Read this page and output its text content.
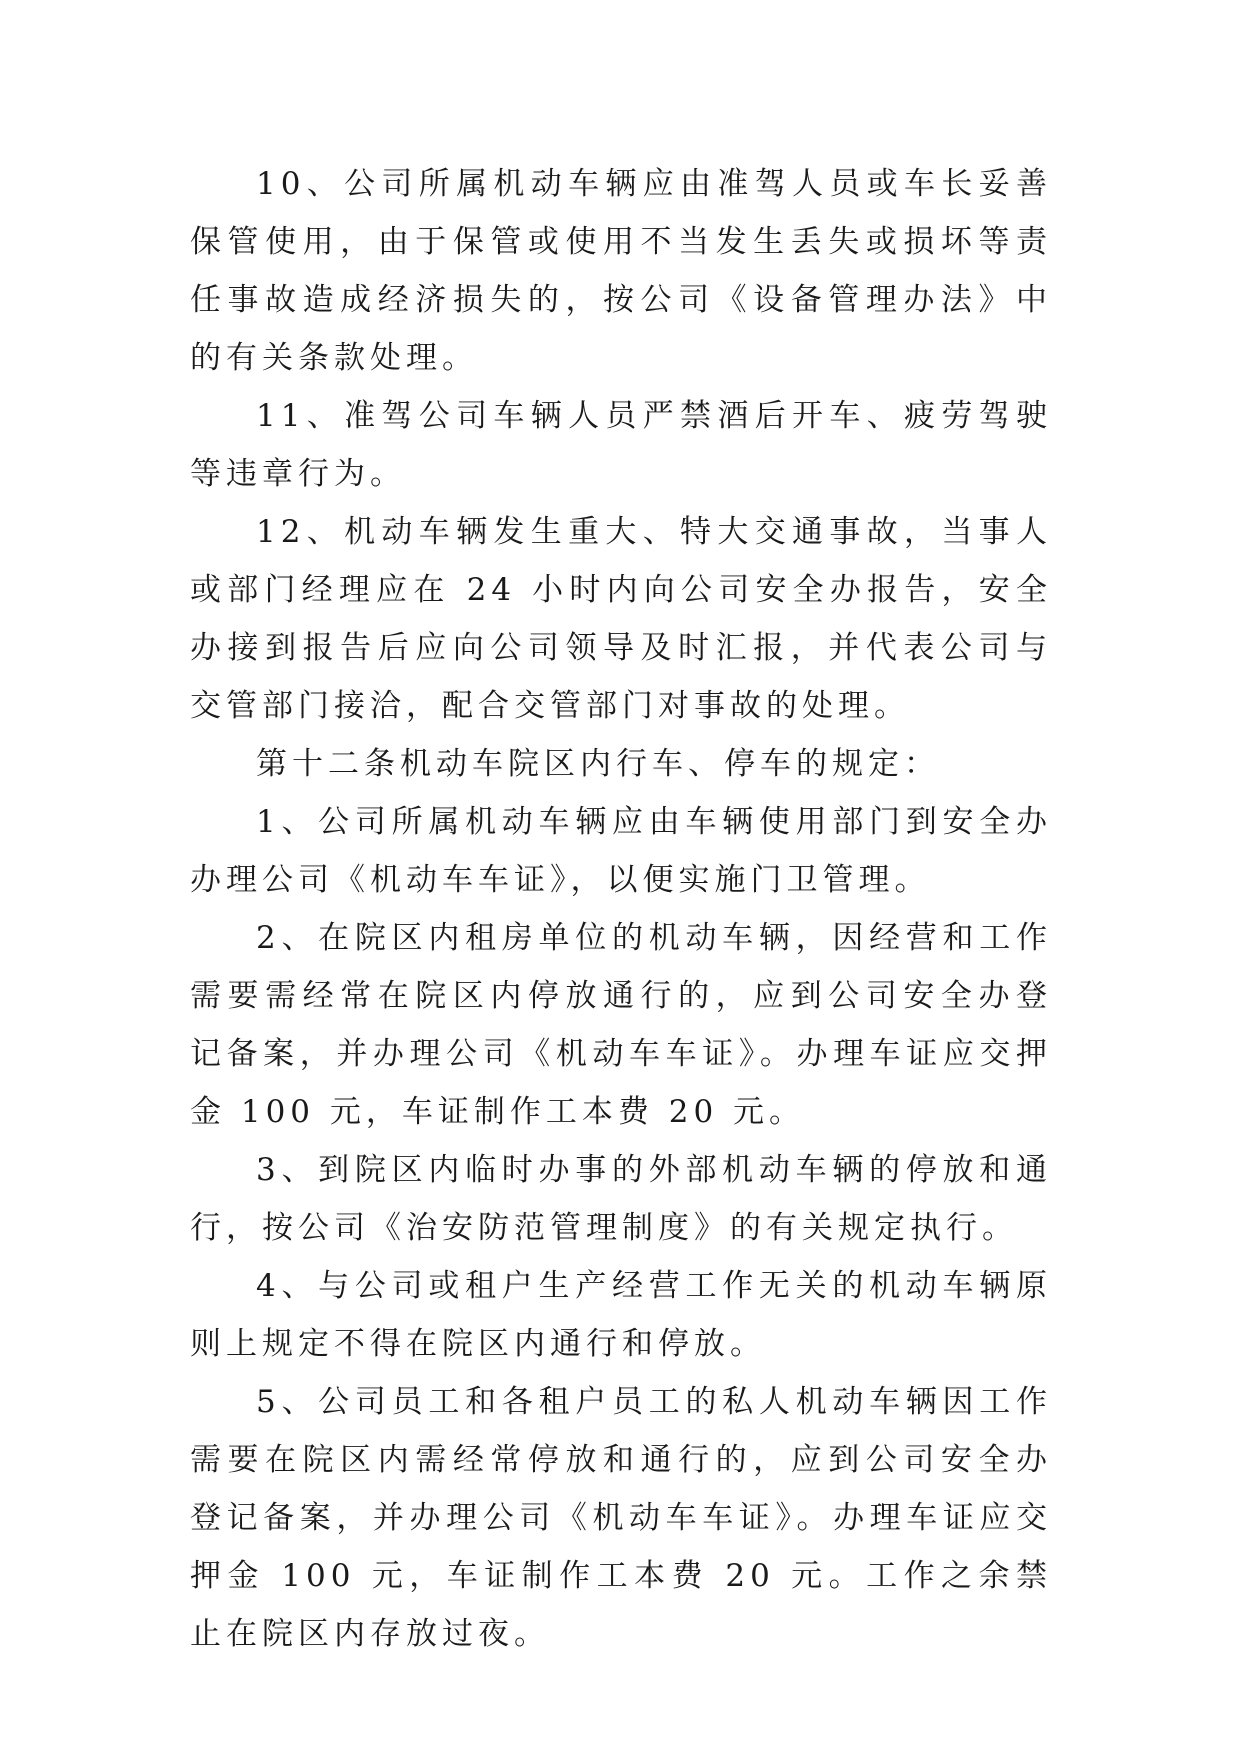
10、公司所属机动车辆应由准驾人员或车长妥善保管使用，由于保管或使用不当发生丢失或损坏等责任事故造成经济损失的，按公司《设备管理办法》中的有关条款处理。

11、准驾公司车辆人员严禁酒后开车、疲劳驾驶等违章行为。

12、机动车辆发生重大、特大交通事故，当事人或部门经理应在 24 小时内向公司安全办报告，安全办接到报告后应向公司领导及时汇报，并代表公司与交管部门接洽，配合交管部门对事故的处理。

第十二条机动车院区内行车、停车的规定：

1、公司所属机动车辆应由车辆使用部门到安全办办理公司《机动车车证》，以便实施门卫管理。

2、在院区内租房单位的机动车辆，因经营和工作需要需经常在院区内停放通行的，应到公司安全办登记备案，并办理公司《机动车车证》。办理车证应交押金 100 元，车证制作工本费 20 元。

3、到院区内临时办事的外部机动车辆的停放和通行，按公司《治安防范管理制度》的有关规定执行。

4、与公司或租户生产经营工作无关的机动车辆原则上规定不得在院区内通行和停放。

5、公司员工和各租户员工的私人机动车辆因工作需要在院区内需经常停放和通行的，应到公司安全办登记备案，并办理公司《机动车车证》。办理车证应交押金 100 元，车证制作工本费 20 元。工作之余禁止在院区内存放过夜。
